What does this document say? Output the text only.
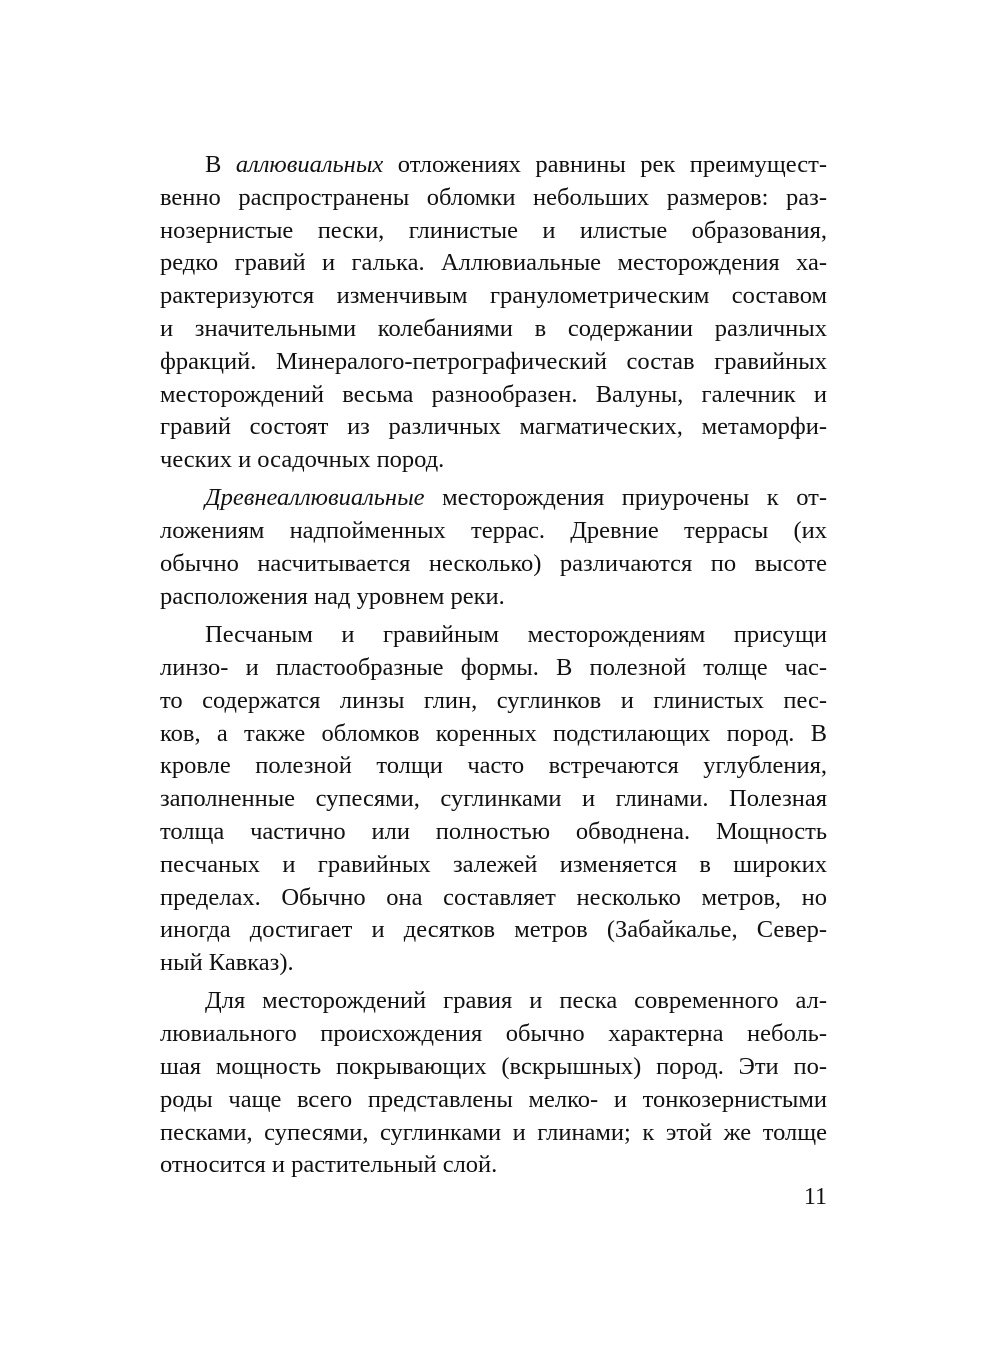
В аллювиальных отложениях равнины рек преимущест-
венно распространены обломки небольших размеров: раз-
нозернистые пески, глинистые и илистые образования,
редко гравий и галька. Аллювиальные месторождения ха-
рактеризуются изменчивым гранулометрическим составом
и значительными колебаниями в содержании различных
фракций. Минералого-петрографический состав гравийных
месторождений весьма разнообразен. Валуны, галечник и
гравий состоят из различных магматических, метаморфи-
ческих и осадочных пород.

Древнеаллювиальные месторождения приурочены к от-
ложениям надпойменных террас. Древние террасы (их
обычно насчитывается несколько) различаются по высоте
расположения над уровнем реки.

Песчаным и гравийным месторождениям присущи
линзо- и пластообразные формы. В полезной толще час-
то содержатся линзы глин, суглинков и глинистых пес-
ков, а также обломков коренных подстилающих пород. В
кровле полезной толщи часто встречаются углубления,
заполненные супесями, суглинками и глинами. Полезная
толща частично или полностью обводнена. Мощность
песчаных и гравийных залежей изменяется в широких
пределах. Обычно она составляет несколько метров, но
иногда достигает и десятков метров (Забайкалье, Север-
ный Кавказ).

Для месторождений гравия и песка современного ал-
лювиального происхождения обычно характерна неболь-
шая мощность покрывающих (вскрышных) пород. Эти по-
роды чаще всего представлены мелко- и тонкозернистыми
песками, супесями, суглинками и глинами; к этой же толще
относится и растительный слой.

11
